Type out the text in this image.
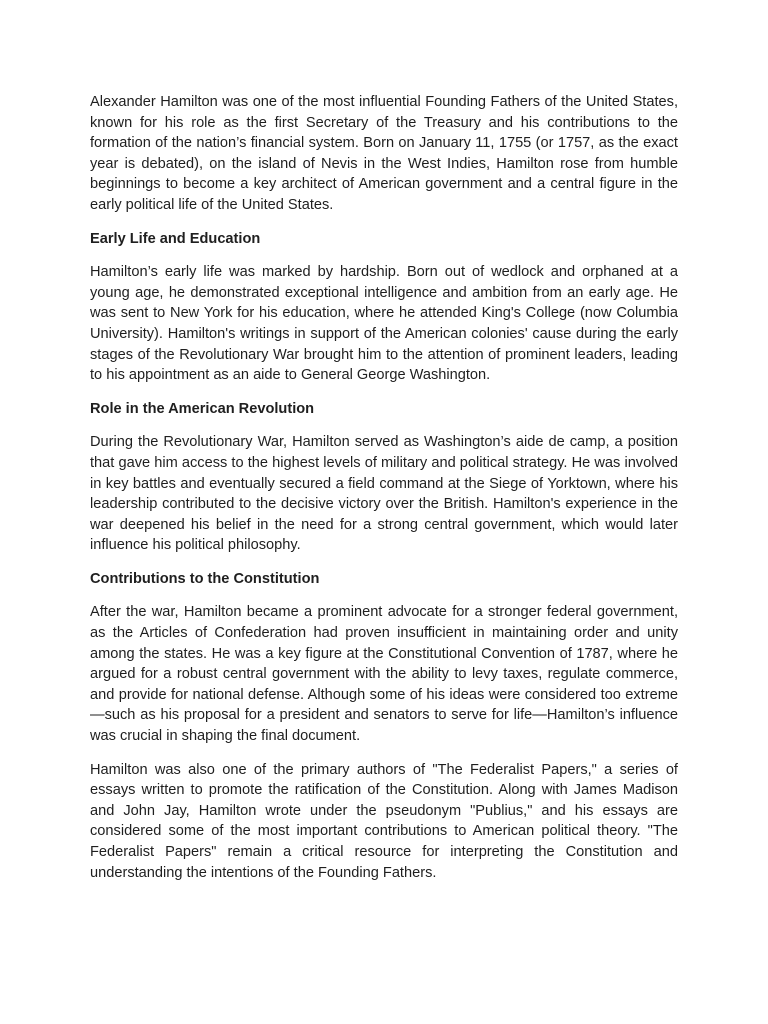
Alexander Hamilton was one of the most influential Founding Fathers of the United States, known for his role as the first Secretary of the Treasury and his contributions to the formation of the nation’s financial system. Born on January 11, 1755 (or 1757, as the exact year is debated), on the island of Nevis in the West Indies, Hamilton rose from humble beginnings to become a key architect of American government and a central figure in the early political life of the United States.

Early Life and Education

Hamilton’s early life was marked by hardship. Born out of wedlock and orphaned at a young age, he demonstrated exceptional intelligence and ambition from an early age. He was sent to New York for his education, where he attended King's College (now Columbia University). Hamilton's writings in support of the American colonies' cause during the early stages of the Revolutionary War brought him to the attention of prominent leaders, leading to his appointment as an aide to General George Washington.

Role in the American Revolution

During the Revolutionary War, Hamilton served as Washington’s aide de camp, a position that gave him access to the highest levels of military and political strategy. He was involved in key battles and eventually secured a field command at the Siege of Yorktown, where his leadership contributed to the decisive victory over the British. Hamilton's experience in the war deepened his belief in the need for a strong central government, which would later influence his political philosophy.

Contributions to the Constitution

After the war, Hamilton became a prominent advocate for a stronger federal government, as the Articles of Confederation had proven insufficient in maintaining order and unity among the states. He was a key figure at the Constitutional Convention of 1787, where he argued for a robust central government with the ability to levy taxes, regulate commerce, and provide for national defense. Although some of his ideas were considered too extreme—such as his proposal for a president and senators to serve for life—Hamilton’s influence was crucial in shaping the final document.

Hamilton was also one of the primary authors of "The Federalist Papers," a series of essays written to promote the ratification of the Constitution. Along with James Madison and John Jay, Hamilton wrote under the pseudonym "Publius," and his essays are considered some of the most important contributions to American political theory. "The Federalist Papers" remain a critical resource for interpreting the Constitution and understanding the intentions of the Founding Fathers.
